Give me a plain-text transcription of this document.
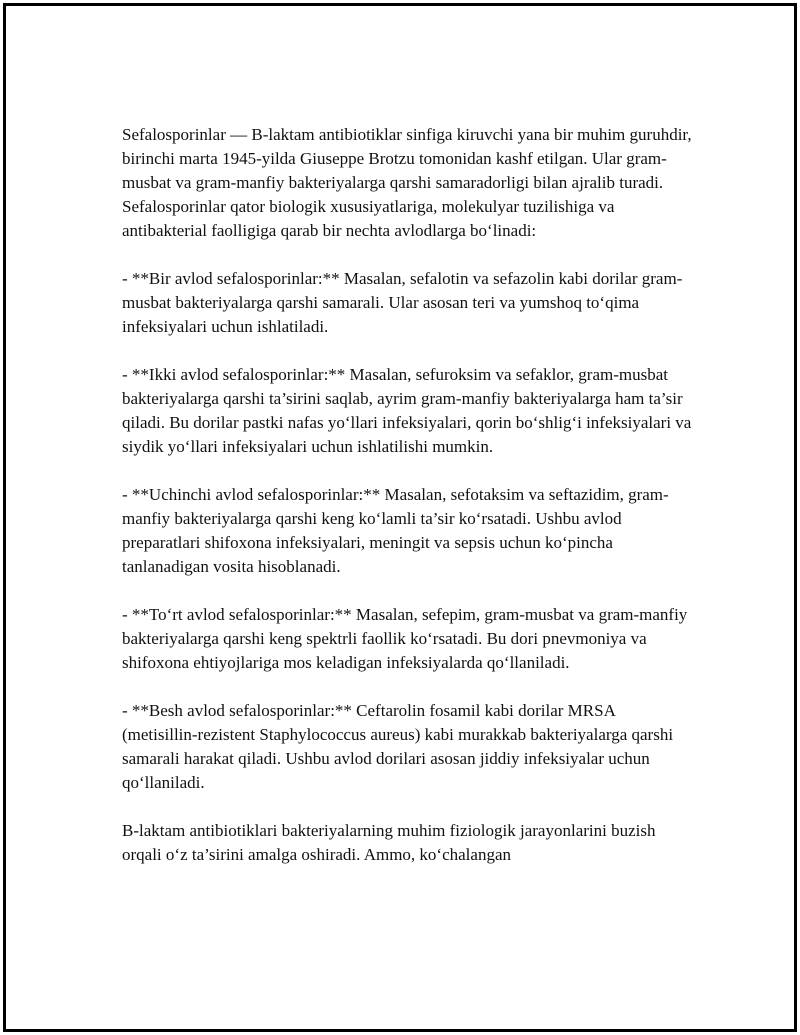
Sefalosporinlar — B-laktam antibiotiklar sinfiga kiruvchi yana bir muhim guruhdir, birinchi marta 1945-yilda Giuseppe Brotzu tomonidan kashf etilgan. Ular gram-musbat va gram-manfiy bakteriyalarga qarshi samaradorligi bilan ajralib turadi. Sefalosporinlar qator biologik xususiyatlariga, molekulyar tuzilishiga va antibakterial faolligiga qarab bir nechta avlodlarga bo‘linadi:

- **Bir avlod sefalosporinlar:** Masalan, sefalotin va sefazolin kabi dorilar gram-musbat bakteriyalarga qarshi samarali. Ular asosan teri va yumshoq to‘qima infeksiyalari uchun ishlatiladi.

- **Ikki avlod sefalosporinlar:** Masalan, sefuroksim va sefaklor, gram-musbat bakteriyalarga qarshi ta’sirini saqlab, ayrim gram-manfiy bakteriyalarga ham ta’sir qiladi. Bu dorilar pastki nafas yo‘llari infeksiyalari, qorin bo‘shlig‘i infeksiyalari va siydik yo‘llari infeksiyalari uchun ishlatilishi mumkin.

- **Uchinchi avlod sefalosporinlar:** Masalan, sefotaksim va seftazidim, gram-manfiy bakteriyalarga qarshi keng ko‘lamli ta’sir ko‘rsatadi. Ushbu avlod preparatlari shifoxona infeksiyalari, meningit va sepsis uchun ko‘pincha tanlanadigan vosita hisoblanadi.

- **To‘rt avlod sefalosporinlar:** Masalan, sefepim, gram-musbat va gram-manfiy bakteriyalarga qarshi keng spektrli faollik ko‘rsatadi. Bu dori pnevmoniya va shifoxona ehtiyojlariga mos keladigan infeksiyalarda qo‘llaniladi.

- **Besh avlod sefalosporinlar:** Ceftarolin fosamil kabi dorilar MRSA (metisillin-rezistent Staphylococcus aureus) kabi murakkab bakteriyalarga qarshi samarali harakat qiladi. Ushbu avlod dorilari asosan jiddiy infeksiyalar uchun qo‘llaniladi.

B-laktam antibiotiklari bakteriyalarning muhim fiziologik jarayonlarini buzish orqali o‘z ta’sirini amalga oshiradi. Ammo, ko‘chalangan
